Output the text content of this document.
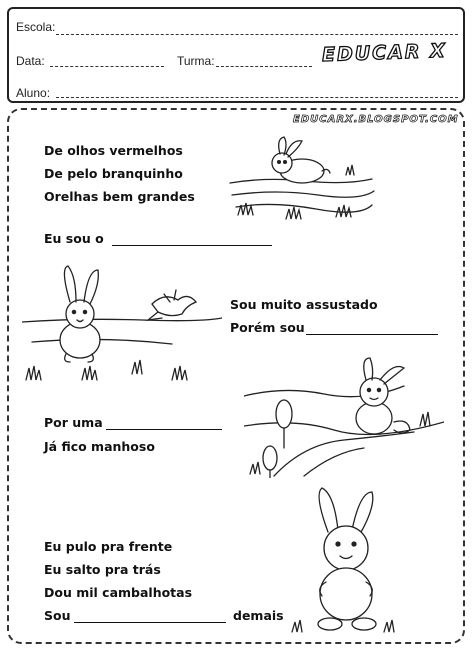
Escola:
Data:	Turma:	EDUCAR X
Aluno:
EDUCARX.BLOGSPOT.COM
De olhos vermelhos
De pelo branquinho
Orelhas bem grandes
Eu sou o
Sou muito assustado
Porém sou
Por uma
Já fico manhoso
Eu pulo pra frente
Eu salto pra trás
Dou mil cambalhotas
Sou	demais
